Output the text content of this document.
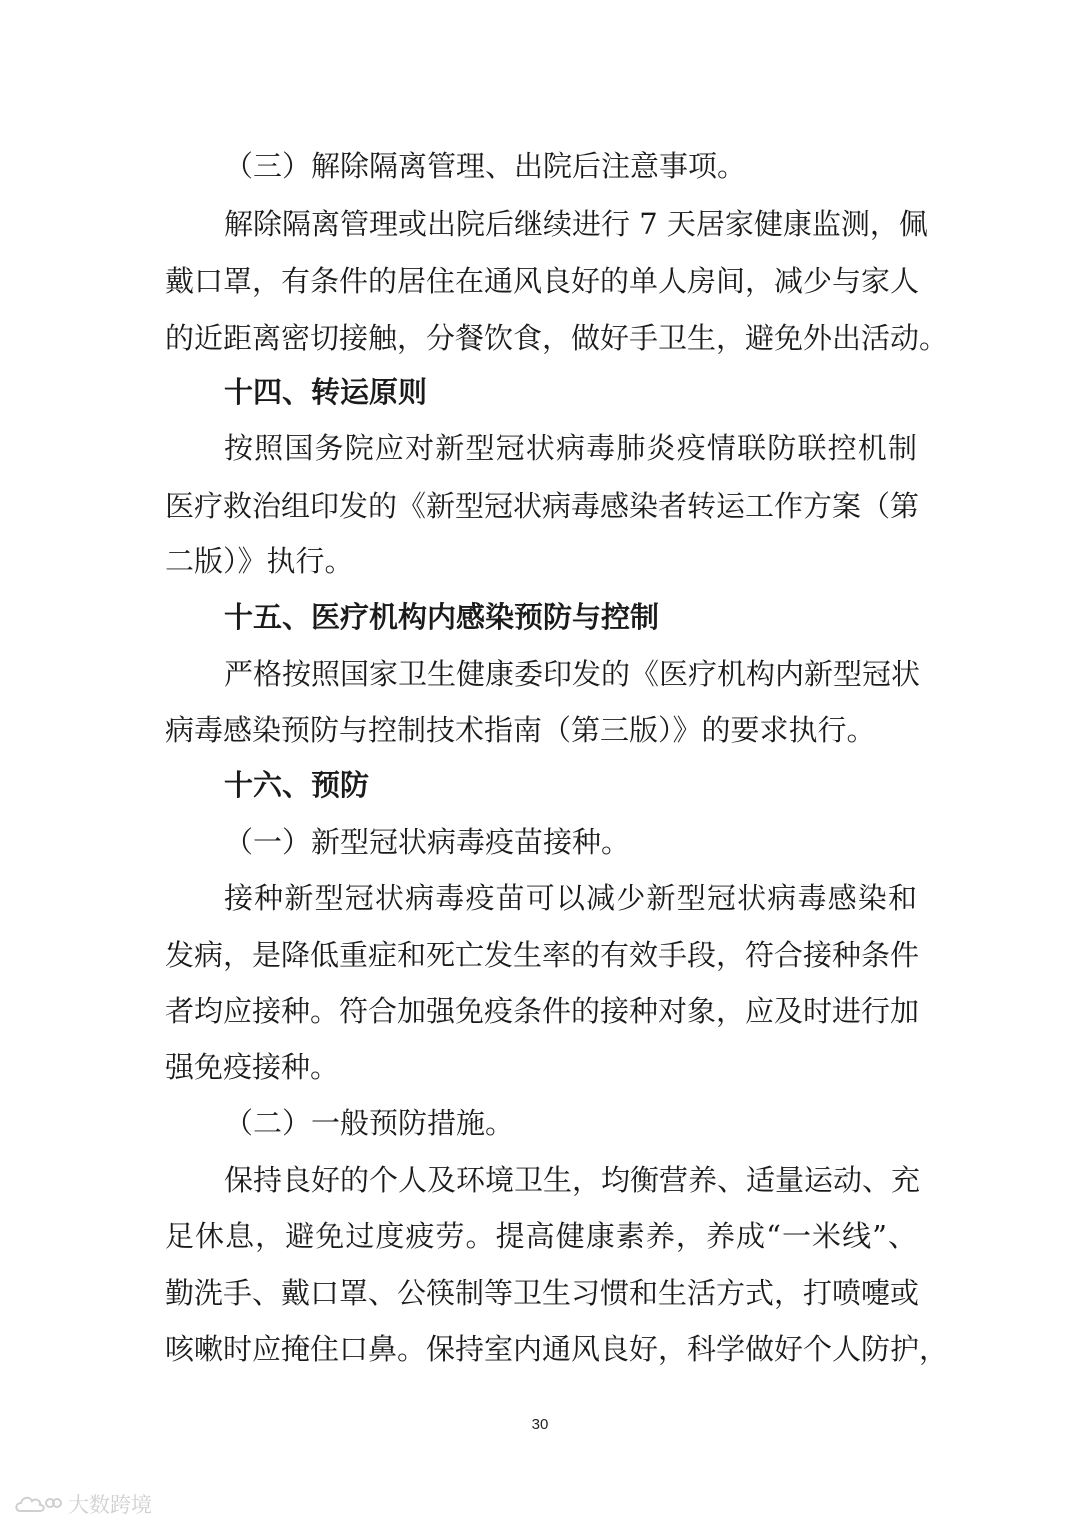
（三）解除隔离管理、出院后注意事项。
解除隔离管理或出院后继续进行 7 天居家健康监测，佩
戴口罩，有条件的居住在通风良好的单人房间，减少与家人
的近距离密切接触，分餐饮食，做好手卫生，避免外出活动。
十四、转运原则
按照国务院应对新型冠状病毒肺炎疫情联防联控机制
医疗救治组印发的《新型冠状病毒感染者转运工作方案（第
二版）》执行。
十五、医疗机构内感染预防与控制
严格按照国家卫生健康委印发的《医疗机构内新型冠状
病毒感染预防与控制技术指南（第三版）》的要求执行。
十六、预防
（一）新型冠状病毒疫苗接种。
接种新型冠状病毒疫苗可以减少新型冠状病毒感染和
发病，是降低重症和死亡发生率的有效手段，符合接种条件
者均应接种。符合加强免疫条件的接种对象，应及时进行加
强免疫接种。
（二）一般预防措施。
保持良好的个人及环境卫生，均衡营养、适量运动、充
足休息，避免过度疲劳。提高健康素养，养成“一米线”、
勤洗手、戴口罩、公筷制等卫生习惯和生活方式，打喷嚏或
咳嗽时应掩住口鼻。保持室内通风良好，科学做好个人防护，
30
大数跨境
